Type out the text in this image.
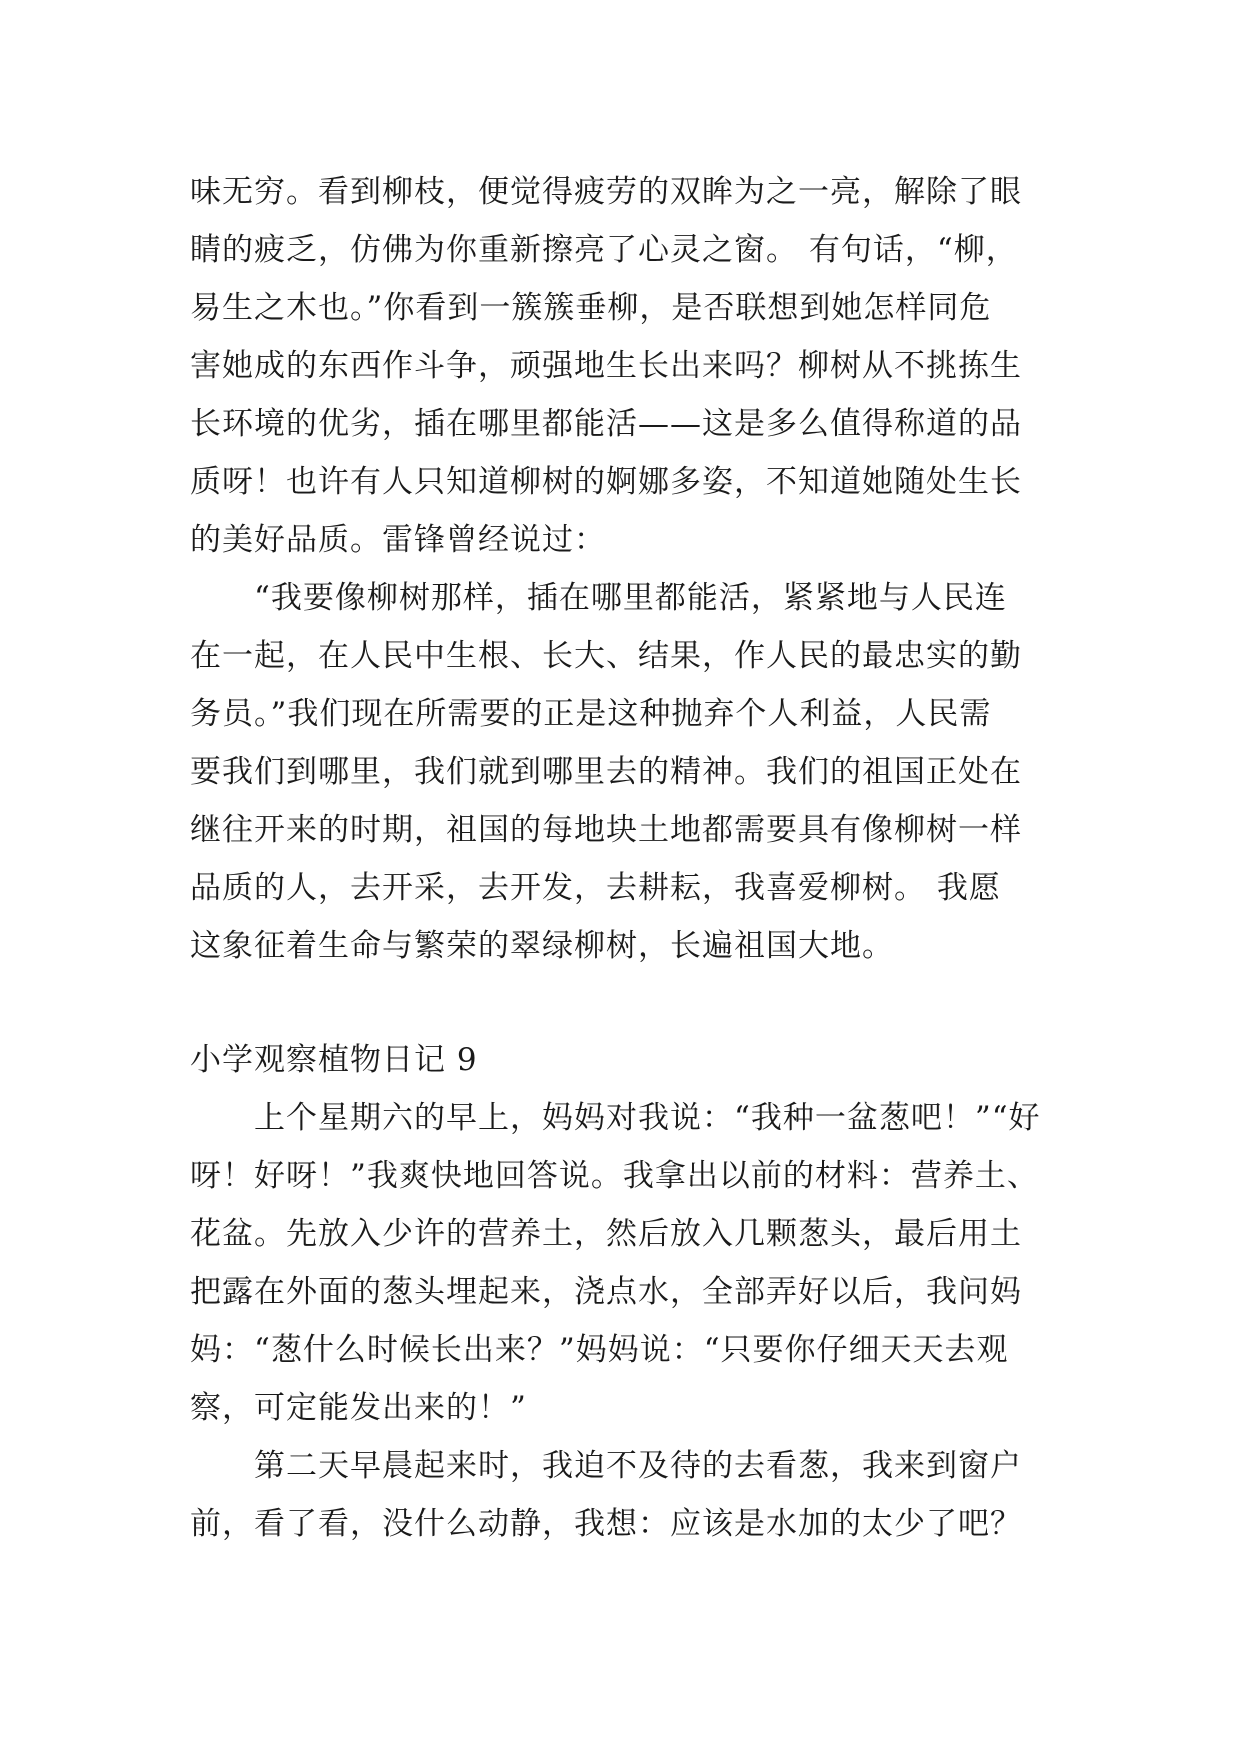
味无穷。看到柳枝，便觉得疲劳的双眸为之一亮，解除了眼
睛的疲乏，仿佛为你重新擦亮了心灵之窗。 有句话，“柳，
易生之木也。”你看到一簇簇垂柳，是否联想到她怎样同危
害她成的东西作斗争，顽强地生长出来吗？柳树从不挑拣生
长环境的优劣，插在哪里都能活——这是多么值得称道的品
质呀！也许有人只知道柳树的婀娜多姿，不知道她随处生长
的美好品质。雷锋曾经说过：
　　“我要像柳树那样，插在哪里都能活，紧紧地与人民连
在一起，在人民中生根、长大、结果，作人民的最忠实的勤
务员。”我们现在所需要的正是这种抛弃个人利益，人民需
要我们到哪里，我们就到哪里去的精神。我们的祖国正处在
继往开来的时期，祖国的每地块土地都需要具有像柳树一样
品质的人，去开采，去开发，去耕耘，我喜爱柳树。 我愿
这象征着生命与繁荣的翠绿柳树，长遍祖国大地。
小学观察植物日记 9
　　上个星期六的早上，妈妈对我说：“我种一盆葱吧！”“好
呀！好呀！”我爽快地回答说。我拿出以前的材料：营养土、
花盆。先放入少许的营养土，然后放入几颗葱头，最后用土
把露在外面的葱头埋起来，浇点水，全部弄好以后，我问妈
妈：“葱什么时候长出来？”妈妈说：“只要你仔细天天去观
察，可定能发出来的！”
　　第二天早晨起来时，我迫不及待的去看葱，我来到窗户
前，看了看，没什么动静，我想：应该是水加的太少了吧？
